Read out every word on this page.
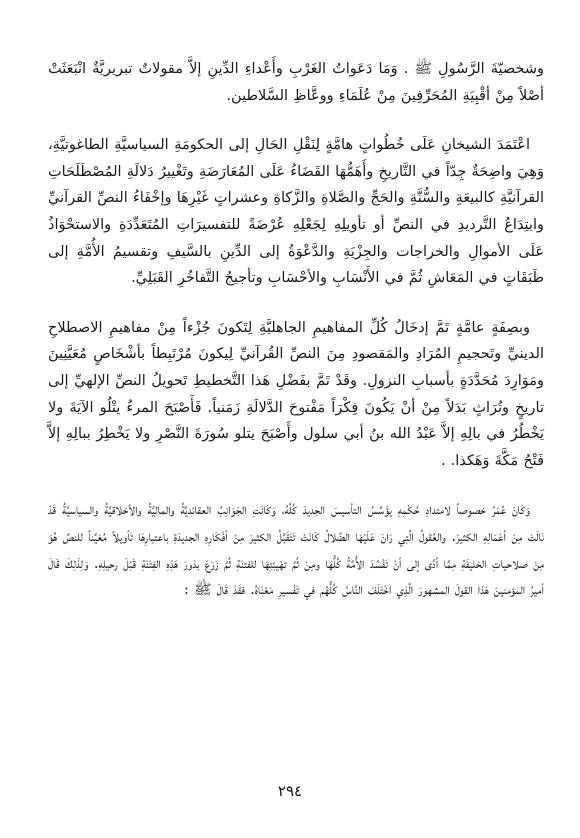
وشخصيّةَ الرَّسُولِ ﷺ . وَمَا دَعَواتُ الغَرْبِ وأَعْداءِ الدِّينِ إلاَّ مقولاتٌ تبريريَّةٌ انْبَعَثَتْ أصْلاً مِنْ أقْبِيَةِ المُحَرِّفِينَ مِنْ عُلَمَاءِ ووعَّاظِ السَّلاطين.

اعْتَمَدَ الشيخانِ عَلَى خُطُواتٍ هامَّةٍ لِنَقْلِ الحَالِ إلى الحكومَةِ السياسيَّةِ الطاغوتيَّةِ، وَهِيَ واضِحَةٌ جِدّاً في التَّاريخِ وأَهَمُّهَا القَضَاءُ عَلَى المُعَارَضَةِ وتَغْييرُ دَلالَةِ المُصْطَلَحَاتِ القرآنيَّةِ كالبيعَةِ والسُّنَّةِ والحَجِّ والصَّلاةِ والزَّكاةِ وعشراتٍ غَيْرِهَا وإخْفَاءُ النصِّ القرآنيِّ وابتِدَاعُ التَّرديدِ في النصِّ أو تأويلِهِ لِجَعْلِهِ عُرْضَةً للتفسيرَاتِ المُتَعَدِّدَةِ والاستحْوَاذُ عَلَى الأموالِ والخراجات والجِزْيَةِ والدَّعْوَةُ إلى الدِّينِ بالسَّيفِ وتقسيمُ الأُمَّةِ إلى طَبَقَاتٍ في المَعَاشِ ثُمَّ في الأَنْسَابِ والأحْسَابِ وتأجيجُ التَّفاخُرِ القَبَلِيِّ.

وبصِفَةٍ عامَّةٍ تَمَّ إدخَالُ كُلِّ المفاهيمِ الجاهليَّةِ لِتَكونَ جُزْءاً مِنْ مفاهيمِ الاصطلاحِ الدينيِّ وتَحجيمِ المُرَادِ والمَقصودِ مِنَ النصِّ القُرآنيِّ لِيكونَ مُرْتَبِطاً بأشْخَاصٍ مُعَيَّنِينَ ومَوَارِدَ مُحَدَّدَةٍ بأسبابِ النزولِ. وقَدْ تَمَّ بفَضْلِ هَذا التَّخطيطِ تَحويلُ النصِّ الإلهيِّ إلى تاريخٍ وتُرَاثٍ بَدَلاً مِنْ أنْ يَكُونَ فِكْرَاً مَفْتوحَ الدَّلالَةِ زَمَنياً. فَأَصْبَحَ المرءُ يتْلُو الآيَةَ ولا يَخْطُرُ في بالِهِ إلاَّ عَبْدُ الله بنُ أبي سلول وأَصْبَحَ يتلو سُورَةَ النَّصْرِ ولا يَخْطِرُ ببالِهِ إلاَّ فَتْحُ مَكَّةَ وَهَكذا. .

وَكَانَ عُمَرُ خصوصاً لامتدادِ حُكْمِهِ يؤَسِّسُ التأسيسَ الجديدَ كُلَّهُ، وَكَانَتِ الجَوَانِبُ العقائديَّةُ والماليَّةُ والأخلاقيَّةُ والسياسيَّةُ قَدْ نَالَتْ مِنْ أعْمَالِهِ الكثيرَ. والعُقولُ الَّتِي رَانَ عَلَيْهَا الضَّلالُ كَانَتْ تَتَقَبَّلُ الكثيرَ مِنْ أفْكَارِهِ الجديدَةِ باعتبارِهَا تَأويلاً مُعَيَّناً للنصِّ هُوَ مِنْ صلاحياتِ الخليفَةِ مِمَّا أدَّى إلى أنْ تَفْسُدَ الأُمَّةُ كُلُّهَا ومِنْ ثُمَّ تهْيئِتِهَا للفتنَةِ ثُمَّ زَرَعَ بذورَ هَذِهِ الفِتْنَةِ قَبْلَ رحيلِهِ. وَلِذَلِكَ قَالَ أميرُ المؤمنينَ هَذا القولَ المشهورَ الَّذِي اخْتَلَفَ النَّاسُ كُلُّهُم في تَفْسيرِ مَعْنَاهُ. فقَدْ قَالَ ﷺ :

٢٩٤
